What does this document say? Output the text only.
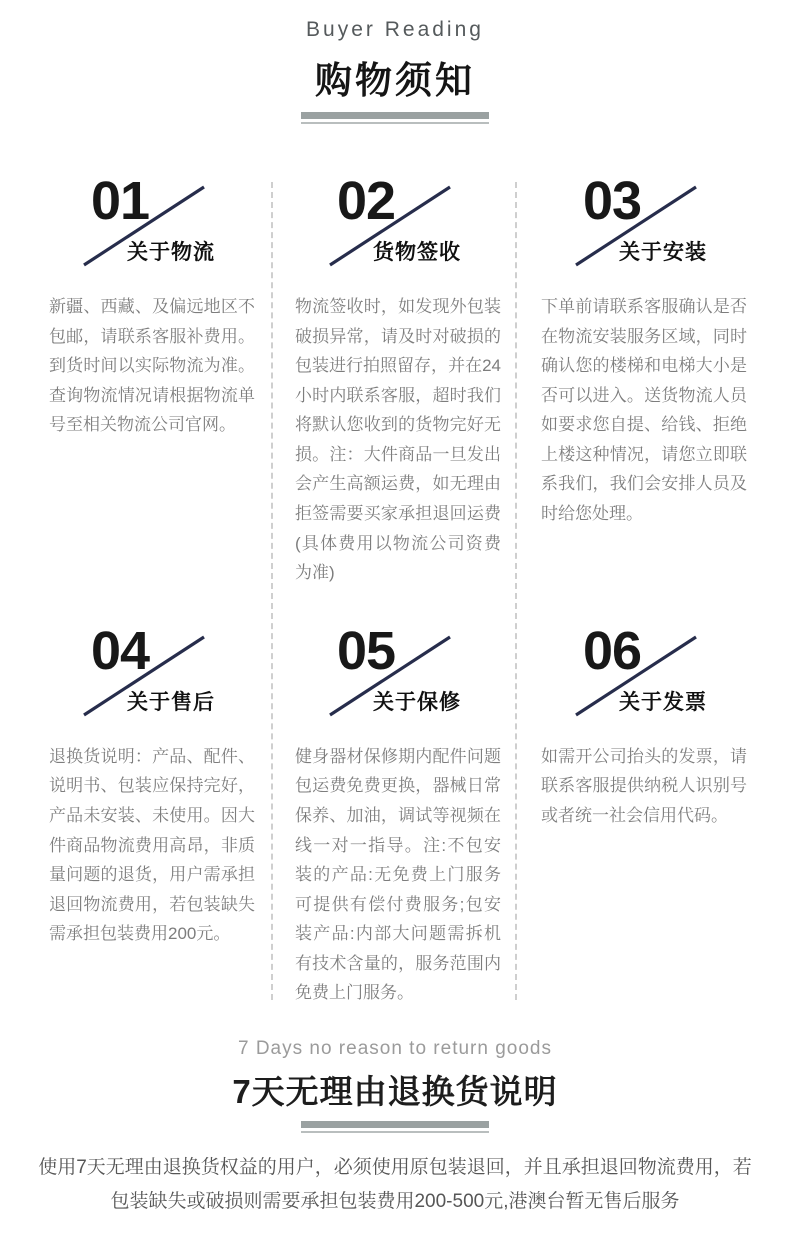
Buyer Reading
购物须知
01
关于物流

新疆、西藏、及偏远地区不包邮，请联系客服补费用。到货时间以实际物流为准。查询物流情况请根据物流单号至相关物流公司官网。

02
货物签收

物流签收时，如发现外包装破损异常，请及时对破损的包装进行拍照留存，并在24小时内联系客服，超时我们将默认您收到的货物完好无损。注：大件商品一旦发出会产生高额运费，如无理由拒签需要买家承担退回运费(具体费用以物流公司资费为准)

03
关于安装

下单前请联系客服确认是否在物流安装服务区域，同时确认您的楼梯和电梯大小是否可以进入。送货物流人员如要求您自提、给钱、拒绝上楼这种情况，请您立即联系我们，我们会安排人员及时给您处理。

04
关于售后

退换货说明：产品、配件、说明书、包装应保持完好，产品未安装、未使用。因大件商品物流费用高昂，非质量问题的退货，用户需承担退回物流费用，若包装缺失需承担包装费用200元。

05
关于保修

健身器材保修期内配件问题包运费免费更换，器械日常保养、加油，调试等视频在线一对一指导。注:不包安装的产品:无免费上门服务可提供有偿付费服务;包安装产品:内部大问题需拆机有技术含量的，服务范围内免费上门服务。

06
关于发票

如需开公司抬头的发票，请联系客服提供纳税人识别号或者统一社会信用代码。

7 Days no reason to return goods
7天无理由退换货说明

使用7天无理由退换货权益的用户，必须使用原包装退回，并且承担退回物流费用，若包装缺失或破损则需要承担包装费用200-500元,港澳台暂无售后服务
